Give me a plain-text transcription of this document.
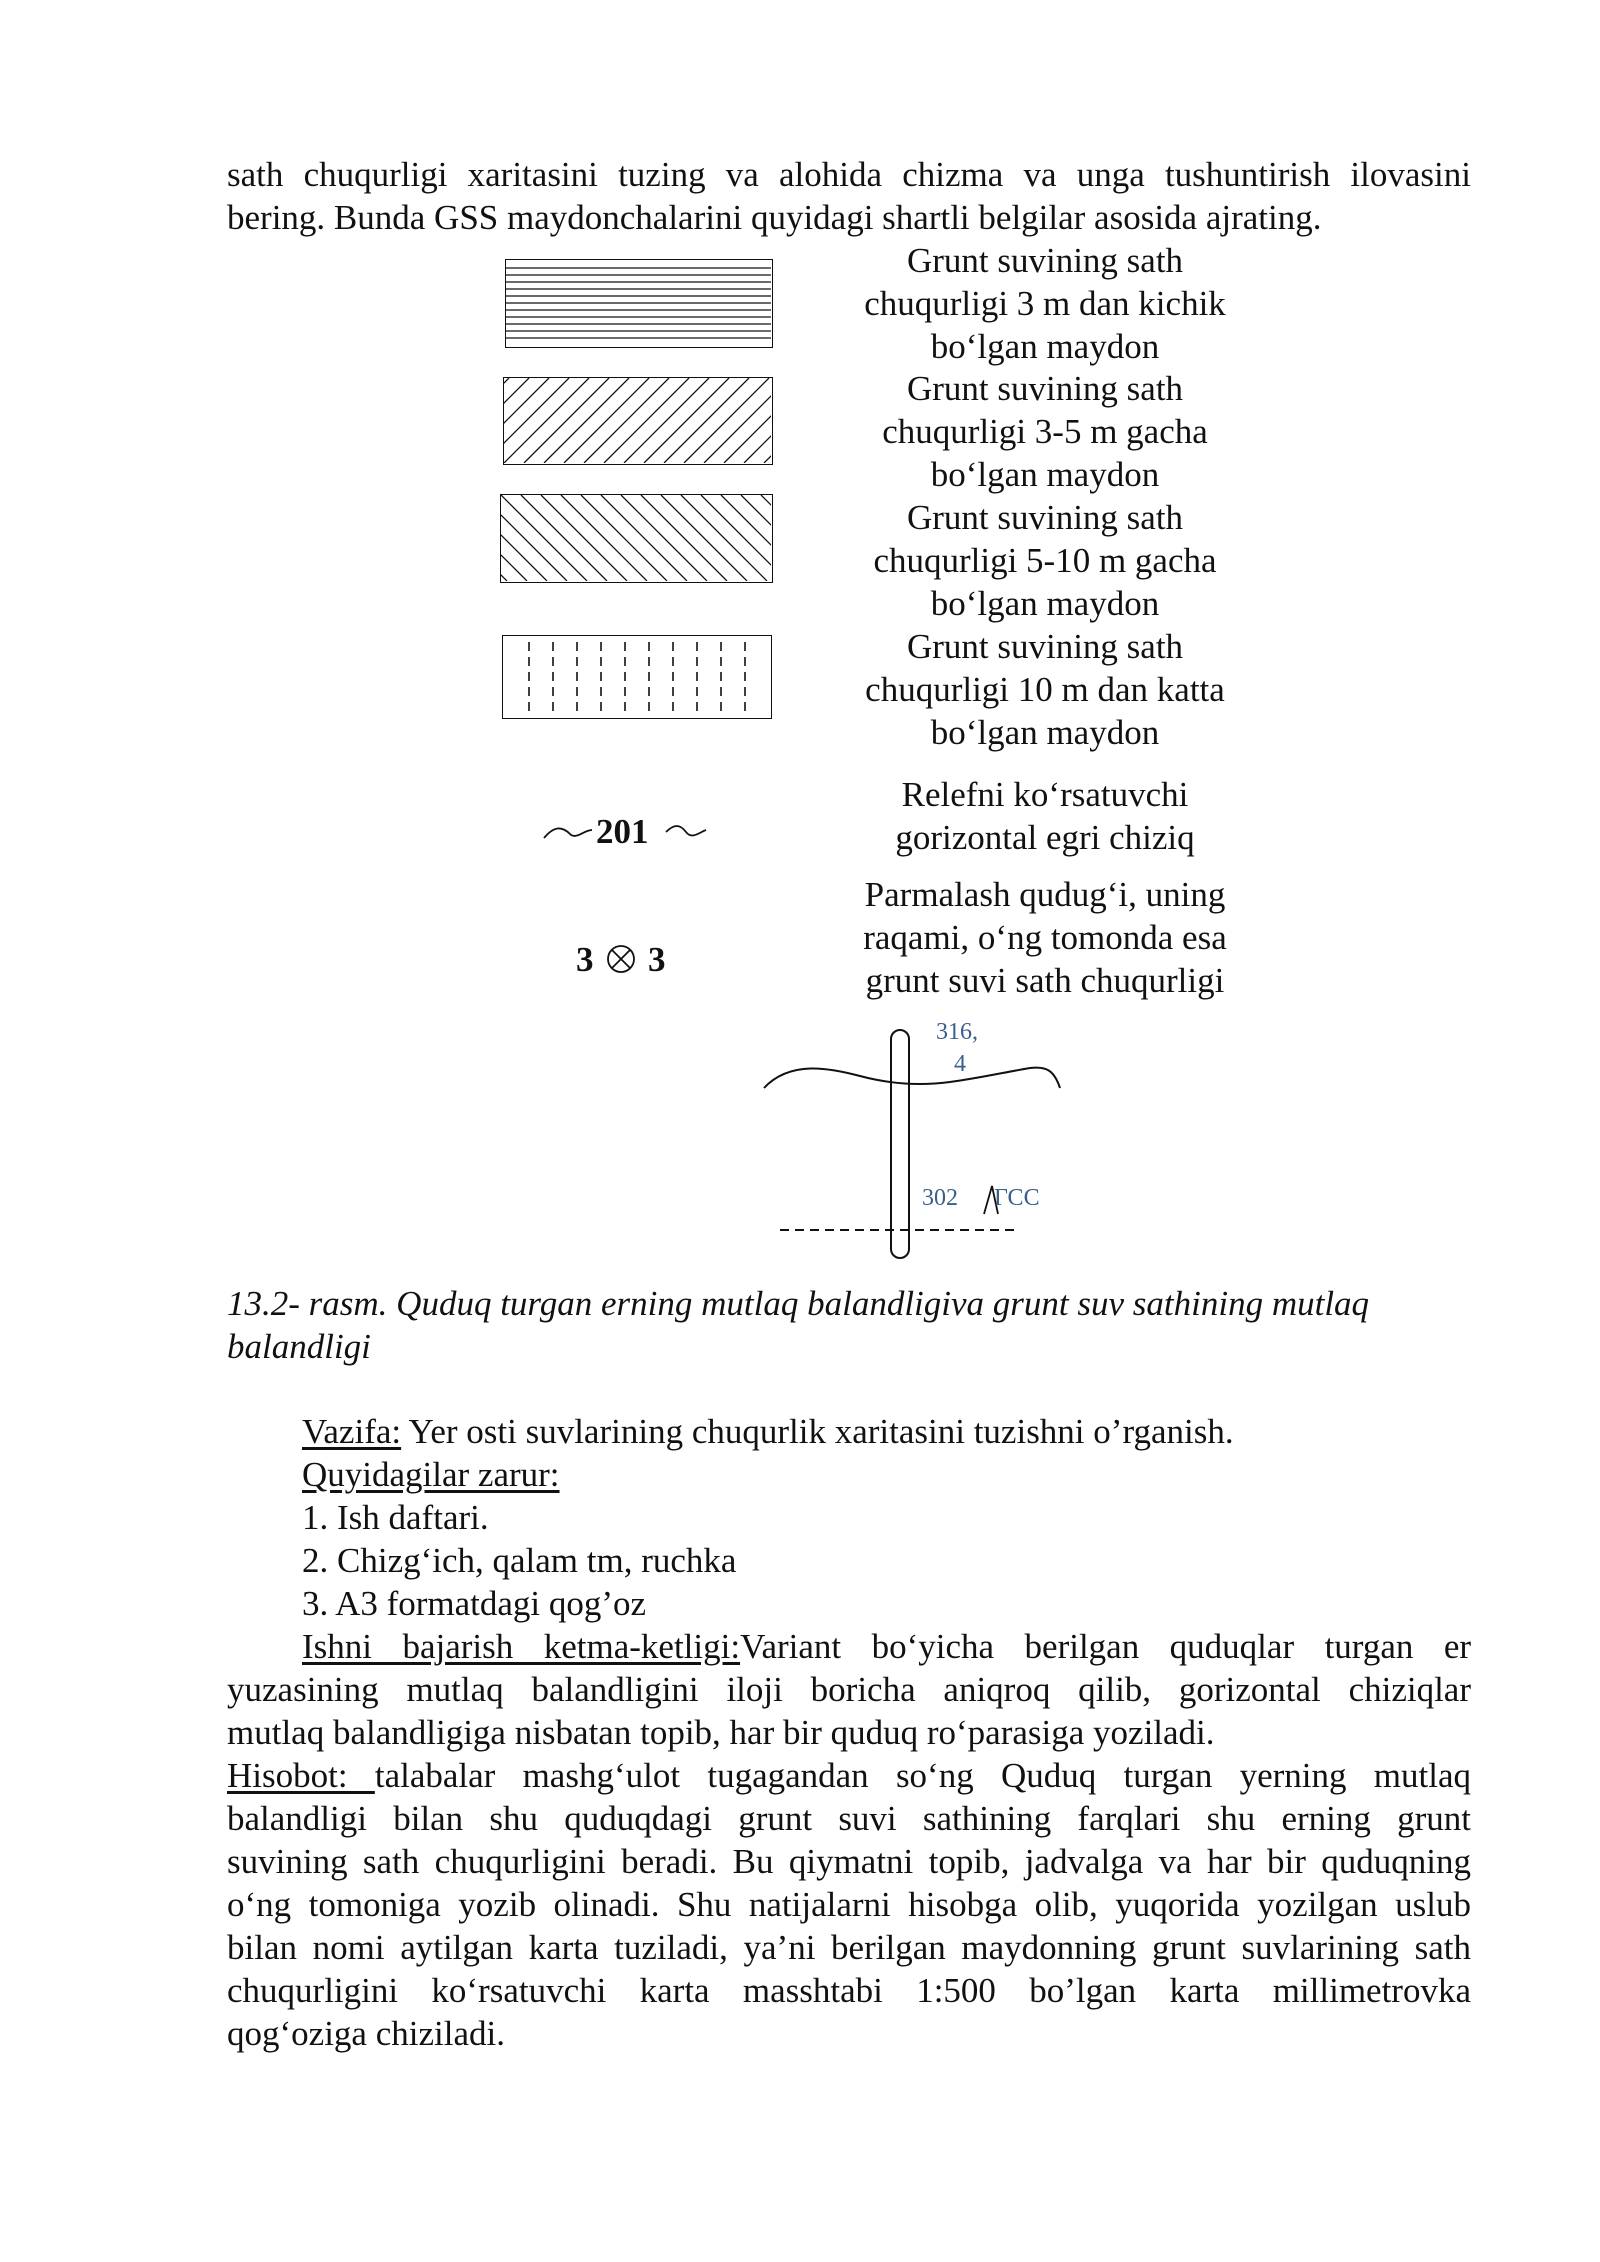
sath chuqurligi xaritasini tuzing va alohida chizma va unga tushuntirish ilovasini
bering. Bunda GSS maydonchalarini quyidagi shartli belgilar asosida ajrating.
Grunt suvining sath
chuqurligi 3 m dan kichik
bo‘lgan maydon
Grunt suvining sath
chuqurligi 3-5 m gacha
bo‘lgan maydon
Grunt suvining sath
chuqurligi 5-10 m gacha
bo‘lgan maydon
Grunt suvining sath
chuqurligi 10 m dan katta
bo‘lgan maydon
201
Relefni ko‘rsatuvchi
gorizontal egri chiziq
3 3
Parmalash qudug‘i, uning
raqami, o‘ng tomonda esa
grunt suvi sath chuqurligi
316,
4
302 ГСС
13.2- rasm. Quduq turgan erning mutlaq balandligiva grunt suv sathining mutlaq
balandligi
Vazifa: Yer osti suvlarining chuqurlik xaritasini tuzishni o’rganish.
Quyidagilar zarur:
1. Ish daftari.
2. Chizg‘ich, qalam tm, ruchka
3. A3 formatdagi qog’oz
Ishni bajarish ketma-ketligi:Variant bo‘yicha berilgan quduqlar turgan er
yuzasining mutlaq balandligini iloji boricha aniqroq qilib, gorizontal chiziqlar
mutlaq balandligiga nisbatan topib, har bir quduq ro‘parasiga yoziladi.
Hisobot: talabalar mashg‘ulot tugagandan so‘ng Quduq turgan yerning mutlaq
balandligi bilan shu quduqdagi grunt suvi sathining farqlari shu erning grunt
suvining sath chuqurligini beradi. Bu qiymatni topib, jadvalga va har bir quduqning
o‘ng tomoniga yozib olinadi. Shu natijalarni hisobga olib, yuqorida yozilgan uslub
bilan nomi aytilgan karta tuziladi, ya’ni berilgan maydonning grunt suvlarining sath
chuqurligini ko‘rsatuvchi karta masshtabi 1:500 bo’lgan karta millimetrovka
qog‘oziga chiziladi.
